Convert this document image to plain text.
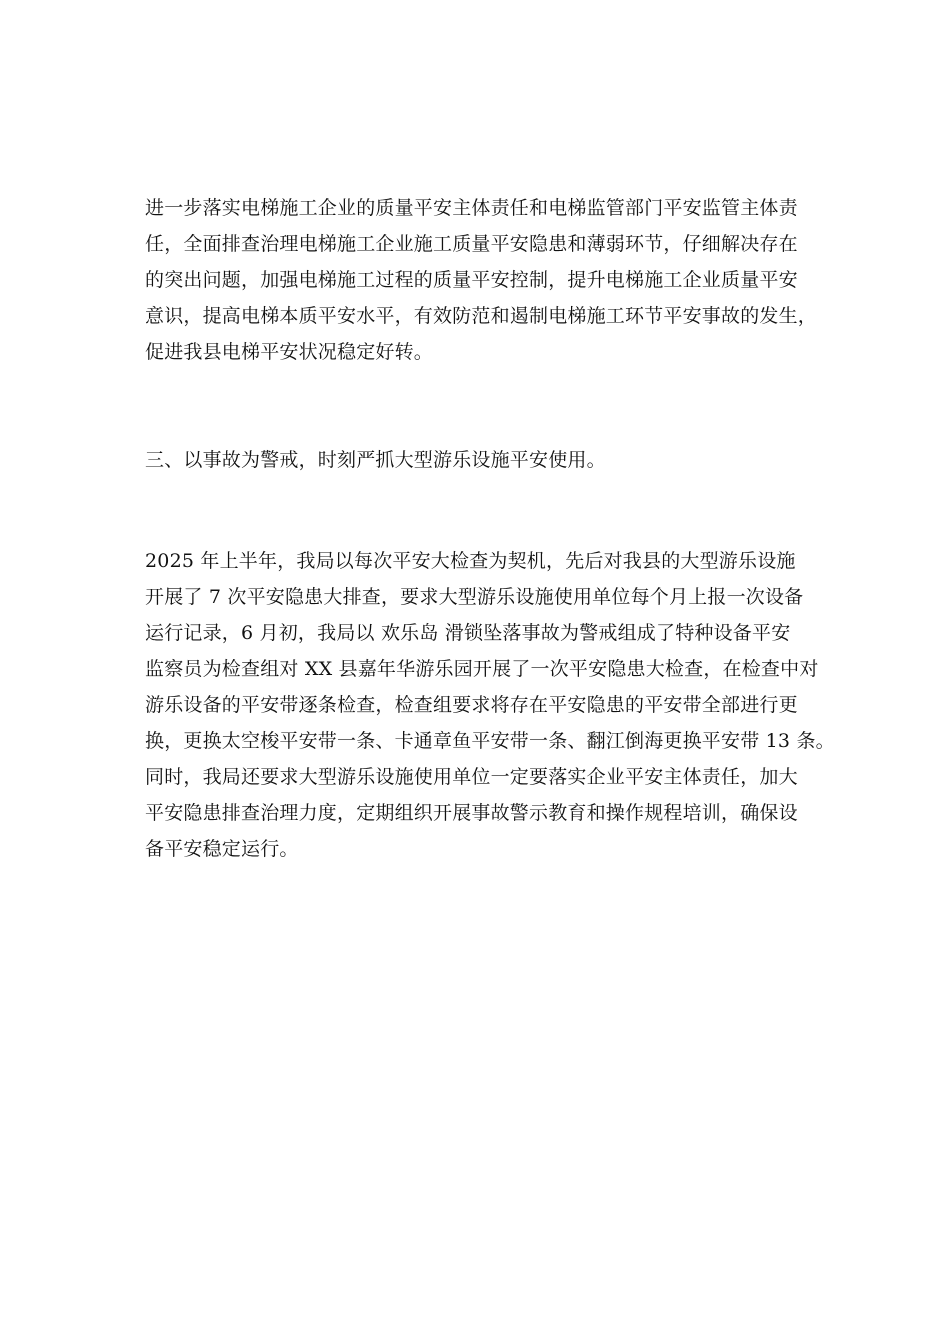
进一步落实电梯施工企业的质量平安主体责任和电梯监管部门平安监管主体责
任，全面排查治理电梯施工企业施工质量平安隐患和薄弱环节，仔细解决存在
的突出问题，加强电梯施工过程的质量平安控制，提升电梯施工企业质量平安
意识，提高电梯本质平安水平，有效防范和遏制电梯施工环节平安事故的发生，
促进我县电梯平安状况稳定好转。
三、以事故为警戒，时刻严抓大型游乐设施平安使用。
2025 年上半年，我局以每次平安大检查为契机，先后对我县的大型游乐设施
开展了 7 次平安隐患大排查，要求大型游乐设施使用单位每个月上报一次设备
运行记录，6 月初，我局以 欢乐岛 滑锁坠落事故为警戒组成了特种设备平安
监察员为检查组对 XX 县嘉年华游乐园开展了一次平安隐患大检查，在检查中对
游乐设备的平安带逐条检查，检查组要求将存在平安隐患的平安带全部进行更
换，更换太空梭平安带一条、卡通章鱼平安带一条、翻江倒海更换平安带 13 条。
同时，我局还要求大型游乐设施使用单位一定要落实企业平安主体责任，加大
平安隐患排查治理力度，定期组织开展事故警示教育和操作规程培训，确保设
备平安稳定运行。
